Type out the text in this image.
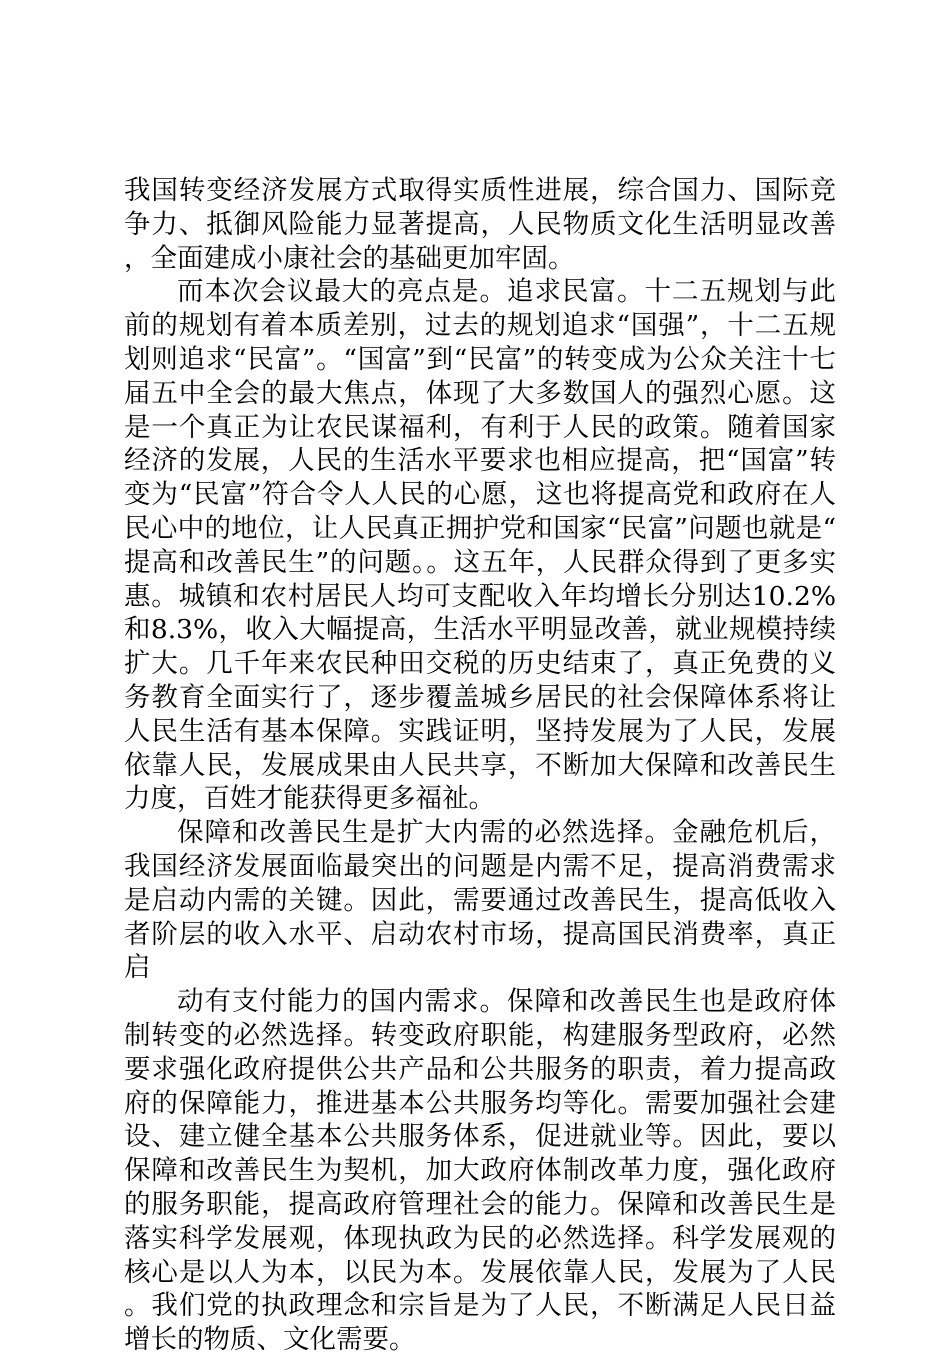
我国转变经济发展方式取得实质性进展，综合国力、国际竞争力、抵御风险能力显著提高，人民物质文化生活明显改善，全面建成小康社会的基础更加牢固。

而本次会议最大的亮点是。追求民富。十二五规划与此前的规划有着本质差别，过去的规划追求“国强”，十二五规划则追求“民富”。“国富”到“民富”的转变成为公众关注十七届五中全会的最大焦点，体现了大多数国人的强烈心愿。这是一个真正为让农民谋福利，有利于人民的政策。随着国家经济的发展，人民的生活水平要求也相应提高，把“国富”转变为“民富”符合令人人民的心愿，这也将提高党和政府在人民心中的地位，让人民真正拥护党和国家“民富”问题也就是“提高和改善民生”的问题。。这五年，人民群众得到了更多实惠。城镇和农村居民人均可支配收入年均增长分别达10.2%和8.3%，收入大幅提高，生活水平明显改善，就业规模持续扩大。几千年来农民种田交税的历史结束了，真正免费的义务教育全面实行了，逐步覆盖城乡居民的社会保障体系将让人民生活有基本保障。实践证明，坚持发展为了人民，发展依靠人民，发展成果由人民共享，不断加大保障和改善民生力度，百姓才能获得更多福祉。

保障和改善民生是扩大内需的必然选择。金融危机后，我国经济发展面临最突出的问题是内需不足，提高消费需求是启动内需的关键。因此，需要通过改善民生，提高低收入者阶层的收入水平、启动农村市场，提高国民消费率，真正启

动有支付能力的国内需求。保障和改善民生也是政府体制转变的必然选择。转变政府职能，构建服务型政府，必然要求强化政府提供公共产品和公共服务的职责，着力提高政府的保障能力，推进基本公共服务均等化。需要加强社会建设、建立健全基本公共服务体系，促进就业等。因此，要以保障和改善民生为契机，加大政府体制改革力度，强化政府的服务职能，提高政府管理社会的能力。保障和改善民生是落实科学发展观，体现执政为民的必然选择。科学发展观的核心是以人为本，以民为本。发展依靠人民，发展为了人民。我们党的执政理念和宗旨是为了人民，不断满足人民日益增长的物质、文化需要。
